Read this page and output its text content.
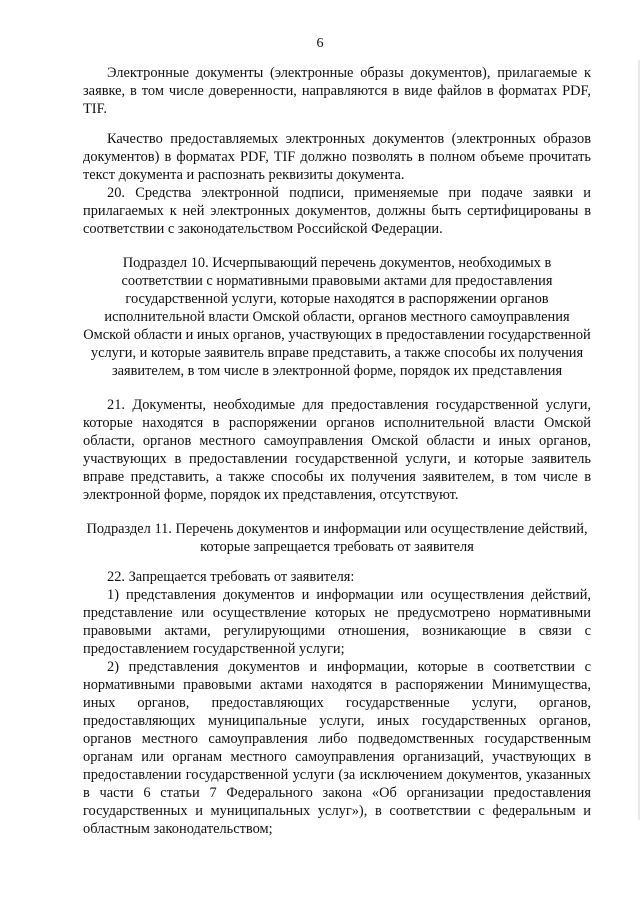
6

Электронные документы (электронные образы документов), прилагаемые к заявке, в том числе доверенности, направляются в виде файлов в форматах PDF, TIF.

Качество предоставляемых электронных документов (электронных образов документов) в форматах PDF, TIF должно позволять в полном объеме прочитать текст документа и распознать реквизиты документа.

20. Средства электронной подписи, применяемые при подаче заявки и прилагаемых к ней электронных документов, должны быть сертифицированы в соответствии с законодательством Российской Федерации.

Подраздел 10. Исчерпывающий перечень документов, необходимых в соответствии с нормативными правовыми актами для предоставления государственной услуги, которые находятся в распоряжении органов исполнительной власти Омской области, органов местного самоуправления Омской области и иных органов, участвующих в предоставлении государственной услуги, и которые заявитель вправе представить, а также способы их получения заявителем, в том числе в электронной форме, порядок их представления

21. Документы, необходимые для предоставления государственной услуги, которые находятся в распоряжении органов исполнительной власти Омской области, органов местного самоуправления Омской области и иных органов, участвующих в предоставлении государственной услуги, и которые заявитель вправе представить, а также способы их получения заявителем, в том числе в электронной форме, порядок их представления, отсутствуют.

Подраздел 11. Перечень документов и информации или осуществление действий, которые запрещается требовать от заявителя

22. Запрещается требовать от заявителя:

1) представления документов и информации или осуществления действий, представление или осуществление которых не предусмотрено нормативными правовыми актами, регулирующими отношения, возникающие в связи с предоставлением государственной услуги;

2) представления документов и информации, которые в соответствии с нормативными правовыми актами находятся в распоряжении Минимущества, иных органов, предоставляющих государственные услуги, органов, предоставляющих муниципальные услуги, иных государственных органов, органов местного самоуправления либо подведомственных государственным органам или органам местного самоуправления организаций, участвующих в предоставлении государственной услуги (за исключением документов, указанных в части 6 статьи 7 Федерального закона «Об организации предоставления государственных и муниципальных услуг»), в соответствии с федеральным и областным законодательством;
